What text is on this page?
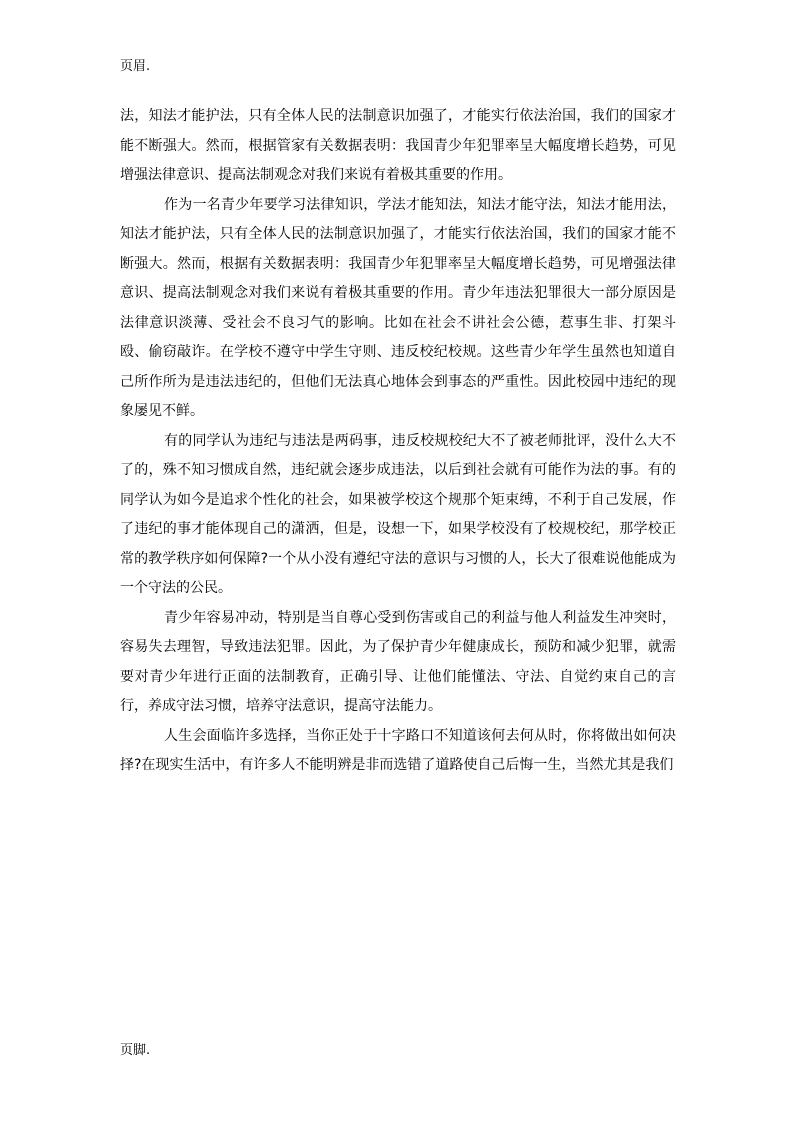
页眉.

法，知法才能护法，只有全体人民的法制意识加强了，才能实行依法治国，我们的国家才能不断强大。然而，根据管家有关数据表明：我国青少年犯罪率呈大幅度增长趋势，可见增强法律意识、提高法制观念对我们来说有着极其重要的作用。

作为一名青少年要学习法律知识，学法才能知法，知法才能守法，知法才能用法，知法才能护法，只有全体人民的法制意识加强了，才能实行依法治国，我们的国家才能不断强大。然而，根据有关数据表明：我国青少年犯罪率呈大幅度增长趋势，可见增强法律意识、提高法制观念对我们来说有着极其重要的作用。青少年违法犯罪很大一部分原因是法律意识淡薄、受社会不良习气的影响。比如在社会不讲社会公德，惹事生非、打架斗殴、偷窃敲诈。在学校不遵守中学生守则、违反校纪校规。这些青少年学生虽然也知道自己所作所为是违法违纪的，但他们无法真心地体会到事态的严重性。因此校园中违纪的现象屡见不鲜。

有的同学认为违纪与违法是两码事，违反校规校纪大不了被老师批评，没什么大不了的，殊不知习惯成自然，违纪就会逐步成违法，以后到社会就有可能作为法的事。有的同学认为如今是追求个性化的社会，如果被学校这个规那个矩束缚，不利于自己发展，作了违纪的事才能体现自己的潇洒，但是，设想一下，如果学校没有了校规校纪，那学校正常的教学秩序如何保障?一个从小没有遵纪守法的意识与习惯的人，长大了很难说他能成为一个守法的公民。

青少年容易冲动，特别是当自尊心受到伤害或自己的利益与他人利益发生冲突时，容易失去理智，导致违法犯罪。因此，为了保护青少年健康成长，预防和减少犯罪，就需要对青少年进行正面的法制教育，正确引导、让他们能懂法、守法、自觉约束自己的言行，养成守法习惯，培养守法意识，提高守法能力。

人生会面临许多选择，当你正处于十字路口不知道该何去何从时，你将做出如何决择?在现实生活中，有许多人不能明辨是非而选错了道路使自己后悔一生，当然尤其是我们

页脚.
